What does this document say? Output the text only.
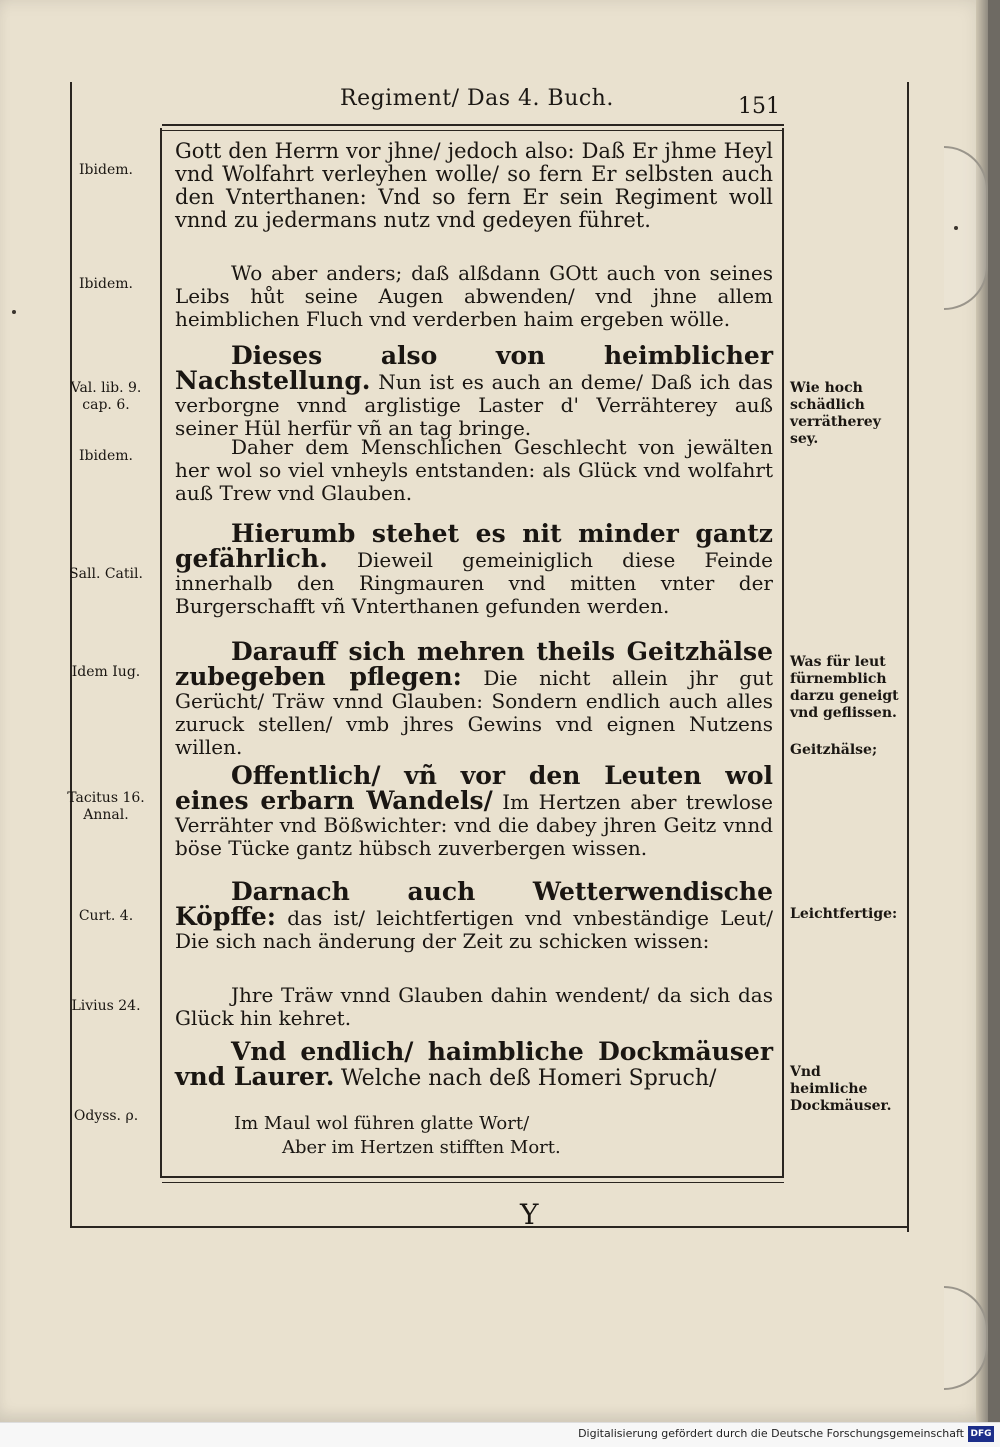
Regiment/ Das 4. Buch.	151

Gott den Herrn vor jhne/ jedoch also: Daß Er jhme Heyl vnd Wolfahrt verleyhen wolle/ so fern Er selbsten auch den Vnterthanen: Vnd so fern Er sein Regiment woll vnnd zu jedermans nutz vnd gedeyen führet.

Wo aber anders; daß alßdann GOtt auch von seines Leibs hůt seine Augen abwenden/ vnd jhne allem heimblichen Fluch vnd verderben haim ergeben wölle.

Dieses also von heimblicher Nachstellung. Nun ist es auch an deme/ Daß ich das verborgne vnnd arglistige Laster d' Verrähterey auß seiner Hül herfür vñ an tag bringe.

Daher dem Menschlichen Geschlecht von jewälten her wol so viel vnheyls entstanden: als Glück vnd wolfahrt auß Trew vnd Glauben.

Hierumb stehet es nit minder gantz gefährlich. Dieweil gemeiniglich diese Feinde innerhalb den Ringmauren vnd mitten vnter der Burgerschafft vñ Vnterthanen gefunden werden.

Darauff sich mehren theils Geitzhälse zubegeben pflegen: Die nicht allein jhr gut Gerücht/ Träw vnnd Glauben: Sondern endlich auch alles zuruck stellen/ vmb jhres Gewins vnd eignen Nutzens willen.

Offentlich/ vñ vor den Leuten wol eines erbarn Wandels/ Im Hertzen aber trewlose Verrähter vnd Bößwichter: vnd die dabey jhren Geitz vnnd böse Tücke gantz hübsch zuverbergen wissen.

Darnach auch Wetterwendische Köpffe: das ist/ leichtfertigen vnd vnbeständige Leut/ Die sich nach änderung der Zeit zu schicken wissen:

Jhre Träw vnnd Glauben dahin wendent/ da sich das Glück hin kehret.

Vnd endlich/ haimbliche Dockmäuser vnd Laurer. Welche nach deß Homeri Spruch/

Im Maul wol führen glatte Wort/
Aber im Hertzen stifften Mort.
Y
Ibidem.
Ibidem.
Val. lib. 9. cap. 6.
Ibidem.
Sall. Catil.
Idem Iug.
Tacitus 16. Annal.
Curt. 4.
Livius 24.
Odyss. ρ.
Wie hoch schädlich verrätherey sey.
Was für leut fürnemblich darzu geneigt vnd geflissen.
Geitzhälse;
Leichtfertige:
Vnd heimliche Dockmäuser.
Digitalisierung gefördert durch die Deutsche Forschungsgemeinschaft DFG
